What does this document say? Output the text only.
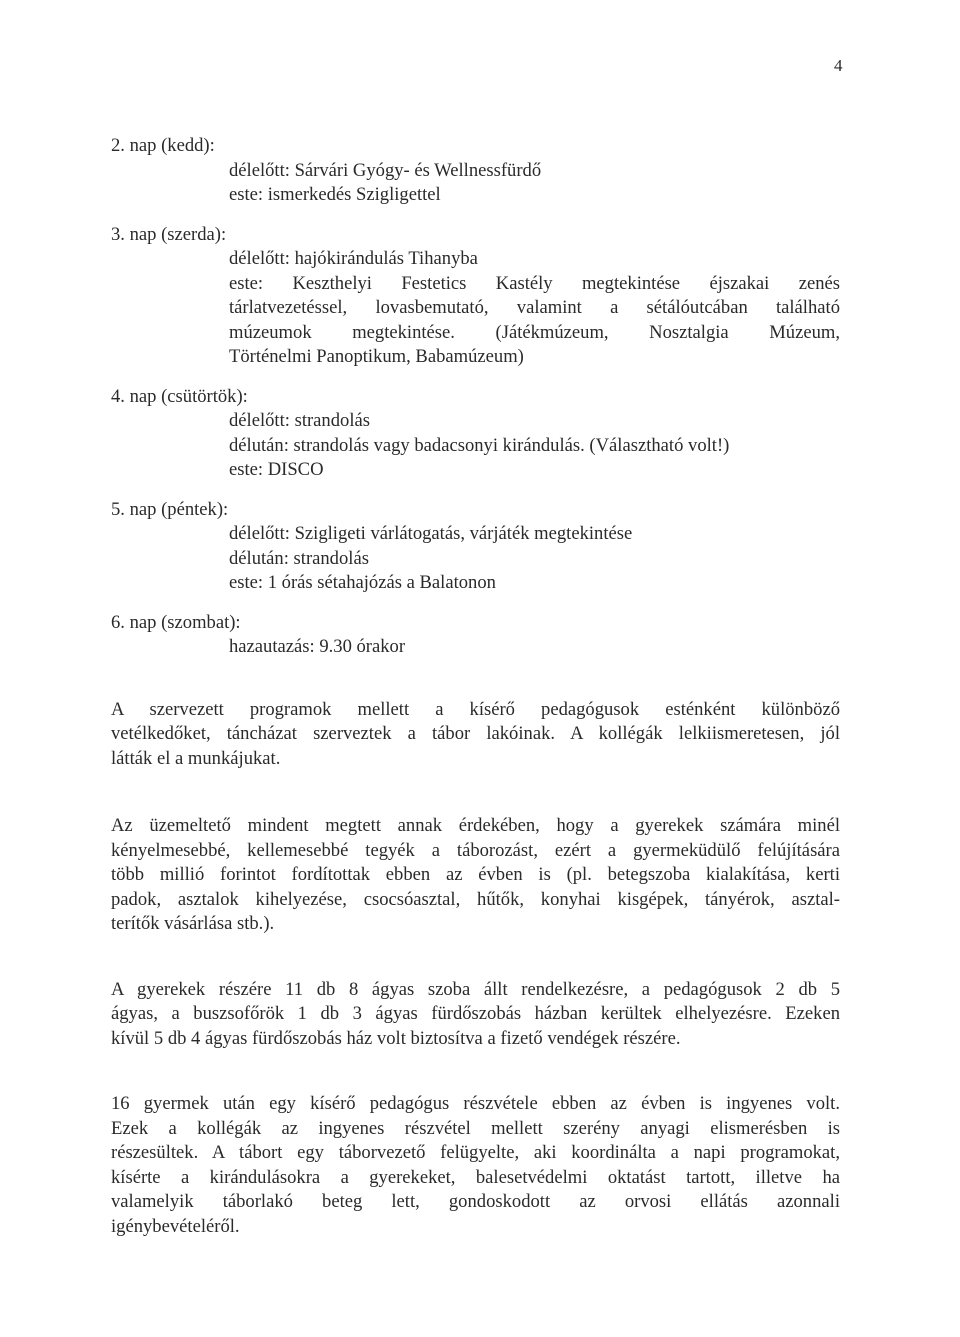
4

2. nap (kedd):

délelőtt: Sárvári Gyógy- és Wellnessfürdő

este: ismerkedés Szigligettel

3. nap (szerda):

délelőtt: hajókirándulás Tihanyba

este: Keszthelyi Festetics Kastély megtekintése éjszakai zenés

tárlatvezetéssel, lovasbemutató, valamint a sétálóutcában található

múzeumok megtekintése. (Játékmúzeum, Nosztalgia Múzeum,

Történelmi Panoptikum, Babamúzeum)

4. nap (csütörtök):

délelőtt: strandolás

délután: strandolás vagy badacsonyi kirándulás. (Választható volt!)

este: DISCO

5. nap (péntek):

délelőtt: Szigligeti várlátogatás, várjáték megtekintése

délután: strandolás

este: 1 órás sétahajózás a Balatonon

6. nap (szombat):

hazautazás: 9.30 órakor

A szervezett programok mellett a kísérő pedagógusok esténként különböző
vetélkedőket, táncházat szerveztek a tábor lakóinak. A kollégák lelkiismeretesen, jól
látták el a munkájukat.
Az üzemeltető mindent megtett annak érdekében, hogy a gyerekek számára minél
kényelmesebbé, kellemesebbé tegyék a táborozást, ezért a gyermeküdülő felújítására
több millió forintot fordítottak ebben az évben is (pl. betegszoba kialakítása, kerti
padok, asztalok kihelyezése, csocsóasztal, hűtők, konyhai kisgépek, tányérok, asztal-
terítők vásárlása stb.).
A gyerekek részére 11 db 8 ágyas szoba állt rendelkezésre, a pedagógusok 2 db 5
ágyas, a buszsofőrök 1 db 3 ágyas fürdőszobás házban kerültek elhelyezésre. Ezeken
kívül 5 db 4 ágyas fürdőszobás ház volt biztosítva a fizető vendégek részére.
16 gyermek után egy kísérő pedagógus részvétele ebben az évben is ingyenes volt.
Ezek a kollégák az ingyenes részvétel mellett szerény anyagi elismerésben is
részesültek. A tábort egy táborvezető felügyelte, aki koordinálta a napi programokat,
kísérte a kirándulásokra a gyerekeket, balesetvédelmi oktatást tartott, illetve ha
valamelyik táborlakó beteg lett, gondoskodott az orvosi ellátás azonnali
igénybevételéről.
